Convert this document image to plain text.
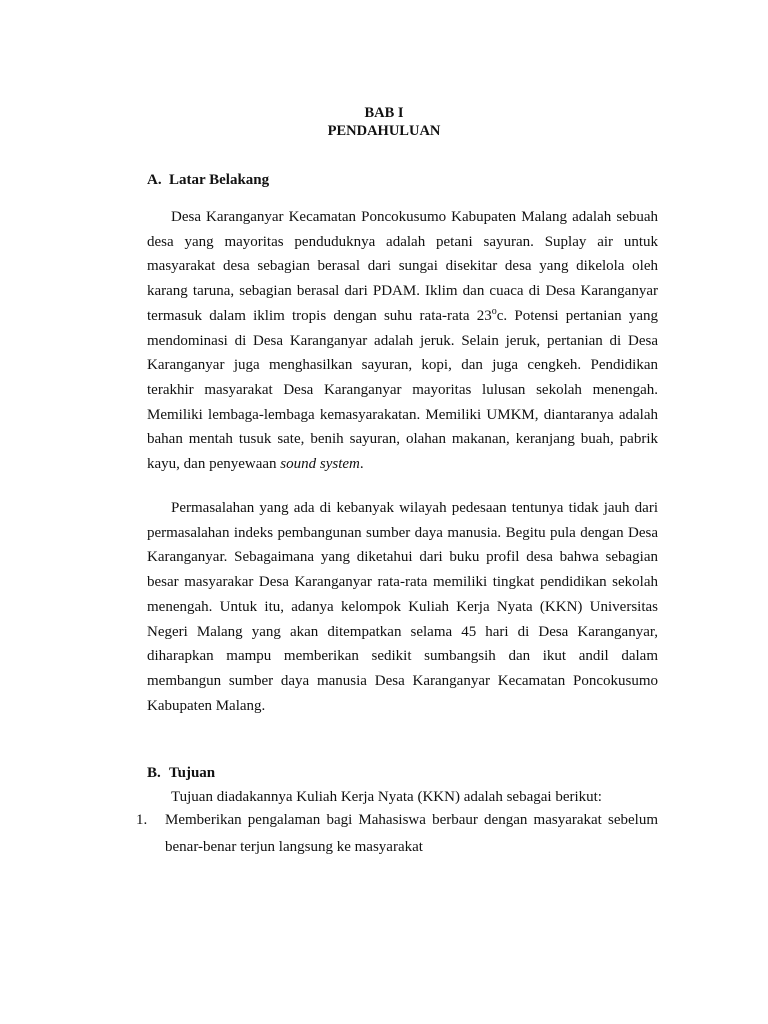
BAB I
PENDAHULUAN
A. Latar Belakang

Desa Karanganyar Kecamatan Poncokusumo Kabupaten Malang adalah sebuah desa yang mayoritas penduduknya adalah petani sayuran. Suplay air untuk masyarakat desa sebagian berasal dari sungai disekitar desa yang dikelola oleh karang taruna, sebagian berasal dari PDAM. Iklim dan cuaca di Desa Karanganyar termasuk dalam iklim tropis dengan suhu rata-rata 23$^o$c. Potensi pertanian yang mendominasi di Desa Karanganyar adalah jeruk. Selain jeruk, pertanian di Desa Karanganyar juga menghasilkan sayuran, kopi, dan juga cengkeh. Pendidikan terakhir masyarakat Desa Karanganyar mayoritas lulusan sekolah menengah. Memiliki lembaga-lembaga kemasyarakatan. Memiliki UMKM, diantaranya adalah bahan mentah tusuk sate, benih sayuran, olahan makanan, keranjang buah, pabrik kayu, dan penyewaan sound system.

Permasalahan yang ada di kebanyak wilayah pedesaan tentunya tidak jauh dari permasalahan indeks pembangunan sumber daya manusia. Begitu pula dengan Desa Karanganyar. Sebagaimana yang diketahui dari buku profil desa bahwa sebagian besar masyarakar Desa Karanganyar rata-rata memiliki tingkat pendidikan sekolah menengah. Untuk itu, adanya kelompok Kuliah Kerja Nyata (KKN) Universitas Negeri Malang yang akan ditempatkan selama 45 hari di Desa Karanganyar, diharapkan mampu memberikan sedikit sumbangsih dan ikut andil dalam membangun sumber daya manusia Desa Karanganyar Kecamatan Poncokusumo Kabupaten Malang.

B. Tujuan
Tujuan diadakannya Kuliah Kerja Nyata (KKN) adalah sebagai berikut:
1. Memberikan pengalaman bagi Mahasiswa berbaur dengan masyarakat sebelum benar-benar terjun langsung ke masyarakat
